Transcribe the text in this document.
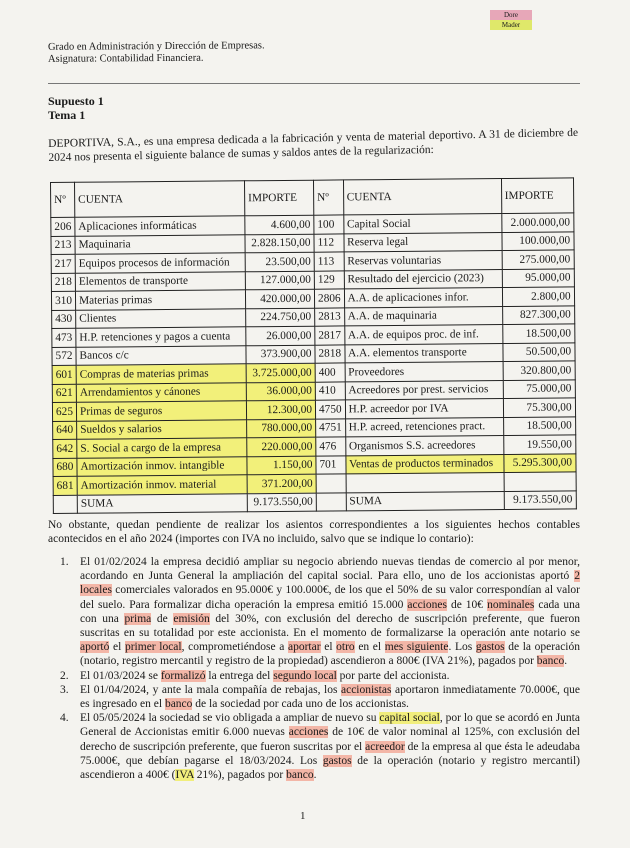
Dore
Mader
Grado en Administración y Dirección de Empresas.
Asignatura: Contabilidad Financiera.
Supuesto 1
Tema 1
DEPORTIVA, S.A., es una empresa dedicada a la fabricación y venta de material deportivo. A 31 de diciembre de 2024 nos presenta el siguiente balance de sumas y saldos antes de la regularización:
Nº	CUENTA	IMPORTE	Nº	CUENTA	IMPORTE
206	Aplicaciones informáticas	4.600,00	100	Capital Social	2.000.000,00
213	Maquinaria	2.828.150,00	112	Reserva legal	100.000,00
217	Equipos procesos de información	23.500,00	113	Reservas voluntarias	275.000,00
218	Elementos de transporte	127.000,00	129	Resultado del ejercicio (2023)	95.000,00
310	Materias primas	420.000,00	2806	A.A. de aplicaciones infor.	2.800,00
430	Clientes	224.750,00	2813	A.A. de maquinaria	827.300,00
473	H.P. retenciones y pagos a cuenta	26.000,00	2817	A.A. de equipos proc. de inf.	18.500,00
572	Bancos c/c	373.900,00	2818	A.A. elementos transporte	50.500,00
601	Compras de materias primas	3.725.000,00	400	Proveedores	320.800,00
621	Arrendamientos y cánones	36.000,00	410	Acreedores por prest. servicios	75.000,00
625	Primas de seguros	12.300,00	4750	H.P. acreedor por IVA	75.300,00
640	Sueldos y salarios	780.000,00	4751	H.P. acreed, retenciones pract.	18.500,00
642	S. Social a cargo de la empresa	220.000,00	476	Organismos S.S. acreedores	19.550,00
680	Amortización inmov. intangible	1.150,00	701	Ventas de productos terminados	5.295.300,00
681	Amortización inmov. material	371.200,00			
	SUMA	9.173.550,00		SUMA	9.173.550,00
No obstante, quedan pendiente de realizar los asientos correspondientes a los siguientes hechos contables acontecidos en el año 2024 (importes con IVA no incluido, salvo que se indique lo contario):
1. El 01/02/2024 la empresa decidió ampliar su negocio abriendo nuevas tiendas de comercio al por menor, acordando en Junta General la ampliación del capital social. Para ello, uno de los accionistas aportó 2 locales comerciales valorados en 95.000€ y 100.000€, de los que el 50% de su valor correspondían al valor del suelo. Para formalizar dicha operación la empresa emitió 15.000 acciones de 10€ nominales cada una con una prima de emisión del 30%, con exclusión del derecho de suscripción preferente, que fueron suscritas en su totalidad por este accionista. En el momento de formalizarse la operación ante notario se aportó el primer local, comprometiéndose a aportar el otro en el mes siguiente. Los gastos de la operación (notario, registro mercantil y registro de la propiedad) ascendieron a 800€ (IVA 21%), pagados por banco.
2. El 01/03/2024 se formalizó la entrega del segundo local por parte del accionista.
3. El 01/04/2024, y ante la mala compañía de rebajas, los accionistas aportaron inmediatamente 70.000€, que es ingresado en el banco de la sociedad por cada uno de los accionistas.
4. El 05/05/2024 la sociedad se vio obligada a ampliar de nuevo su capital social, por lo que se acordó en Junta General de Accionistas emitir 6.000 nuevas acciones de 10€ de valor nominal al 125%, con exclusión del derecho de suscripción preferente, que fueron suscritas por el acreedor de la empresa al que ésta le adeudaba 75.000€, que debían pagarse el 18/03/2024. Los gastos de la operación (notario y registro mercantil) ascendieron a 400€ (IVA 21%), pagados por banco.
1
